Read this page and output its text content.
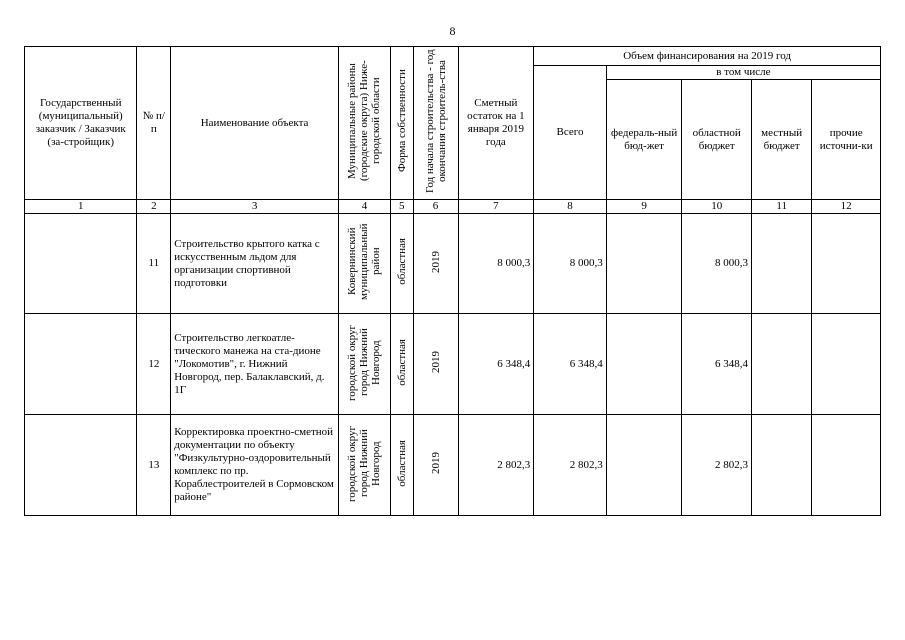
8
Государственный (муниципальный) заказчик / Заказчик (за-стройщик)	№ п/п	Наименование объекта	Муниципальные районы (городские округа) Ниже-городской области	Форма собственности	Год начала строительства - год окончания строитель-ства	Сметный остаток на 1 января 2019 года	Объем финансирования на 2019 год				
							Всего	в том числе			
								федераль-ный бюд-жет	областной бюджет	местный бюджет	прочие источни-ки
1	2	3	4	5	6	7	8	9	10	11	12
	11	Строительство крытого катка с искусственным льдом для организации спортивной подготовки	Ковернинский муниципальный район	областная	2019	8 000,3	8 000,3		8 000,3		
	12	Строительство легкоатле-тического манежа на ста-дионе "Локомотив", г. Нижний Новгород, пер. Балаклавский, д. 1Г	городской округ город Нижний Новгород	областная	2019	6 348,4	6 348,4		6 348,4		
	13	Корректировка проектно-сметной документации по объекту "Физкультурно-оздоровительный комплекс по пр. Кораблестроителей в Сормовском районе"	городской округ город Нижний Новгород	областная	2019	2 802,3	2 802,3		2 802,3		
